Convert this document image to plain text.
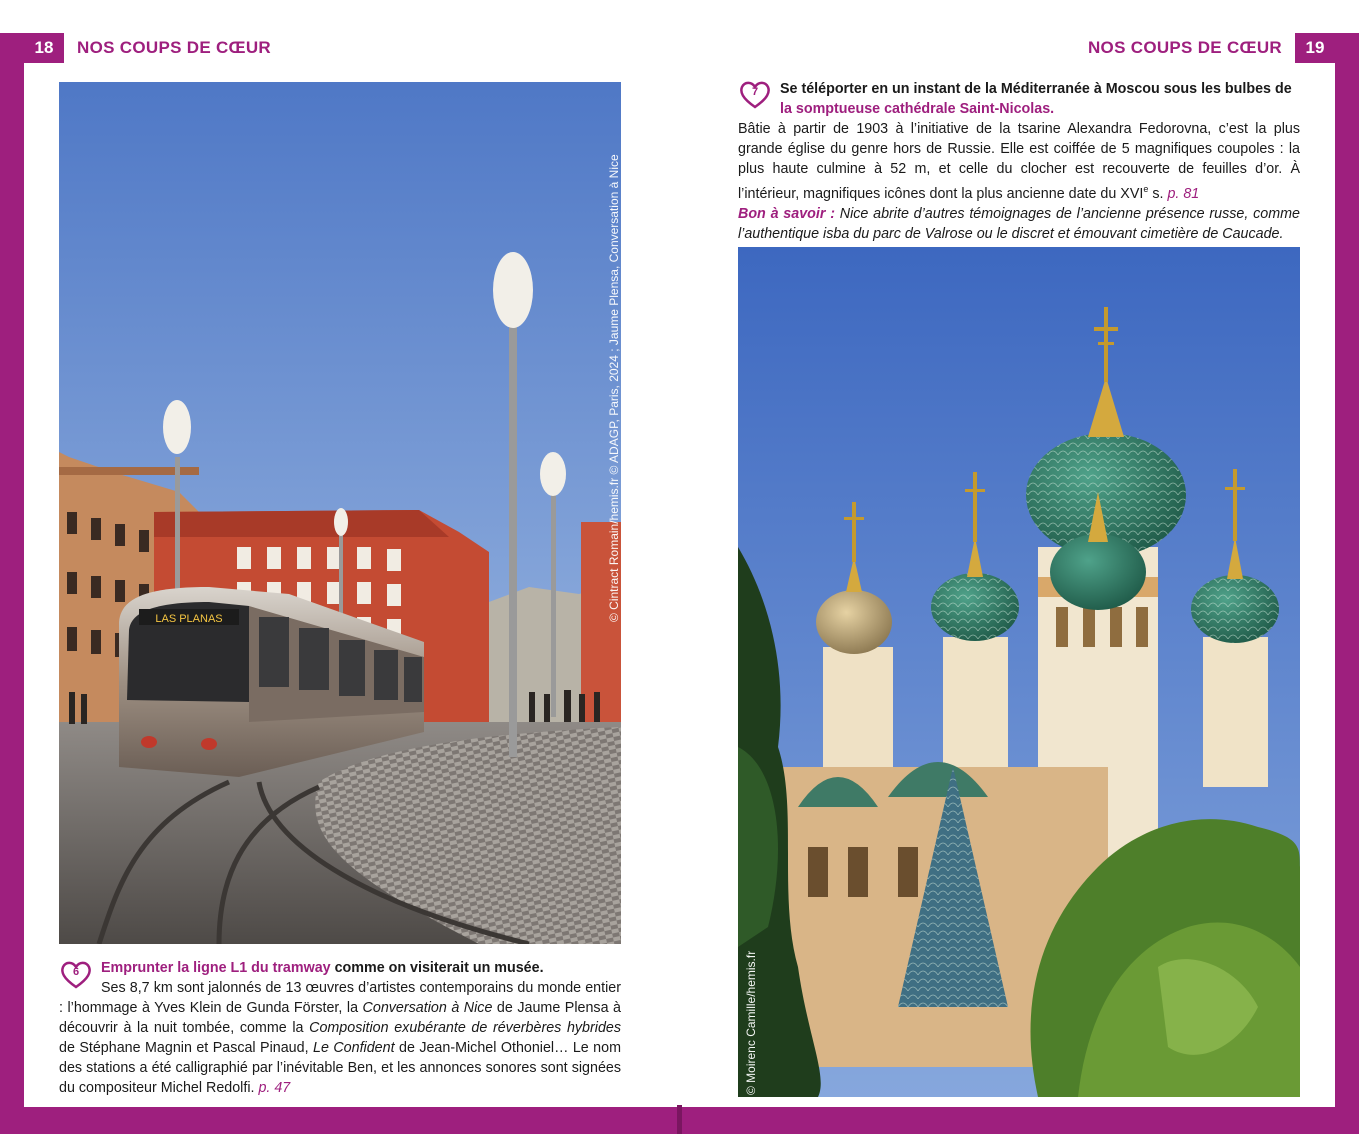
18	NOS COUPS DE CŒUR	19
NOS COUPS DE CŒUR
LAS PLANAS	© Cintract Romain/hemis.fr © ADAGP, Paris, 2024 ; Jaume Plensa, Conversation à Nice
6	Emprunter la ligne L1 du tramway comme on visiterait un musée.

Ses 8,7 km sont jalonnés de 13 œuvres d’artistes contemporains du monde entier : l’hommage à Yves Klein de Gunda Förster, la Conversation à Nice de Jaume Plensa à découvrir à la nuit tombée, comme la Composition exubérante de réverbères hybrides de Stéphane Magnin et Pascal Pinaud, Le Confident de Jean-Michel Othoniel… Le nom des stations a été calligraphié par l’inévitable Ben, et les annonces sonores sont signées du compositeur Michel Redolfi. p. 47

7	Se téléporter en un instant de la Méditerranée à Moscou sous les bulbes de la somptueuse cathédrale Saint-Nicolas.

Bâtie à partir de 1903 à l’initiative de la tsarine Alexandra Fedorovna, c’est la plus grande église du genre hors de Russie. Elle est coiffée de 5 magnifiques coupoles : la plus haute culmine à 52 m, et celle du clocher est recouverte de feuilles d’or. À l’intérieur, magnifiques icônes dont la plus ancienne date du XVIe s. p. 81
Bon à savoir : Nice abrite d’autres témoignages de l’ancienne présence russe, comme l’authentique isba du parc de Valrose ou le discret et émouvant cimetière de Caucade.

© Moirenc Camille/hemis.fr
